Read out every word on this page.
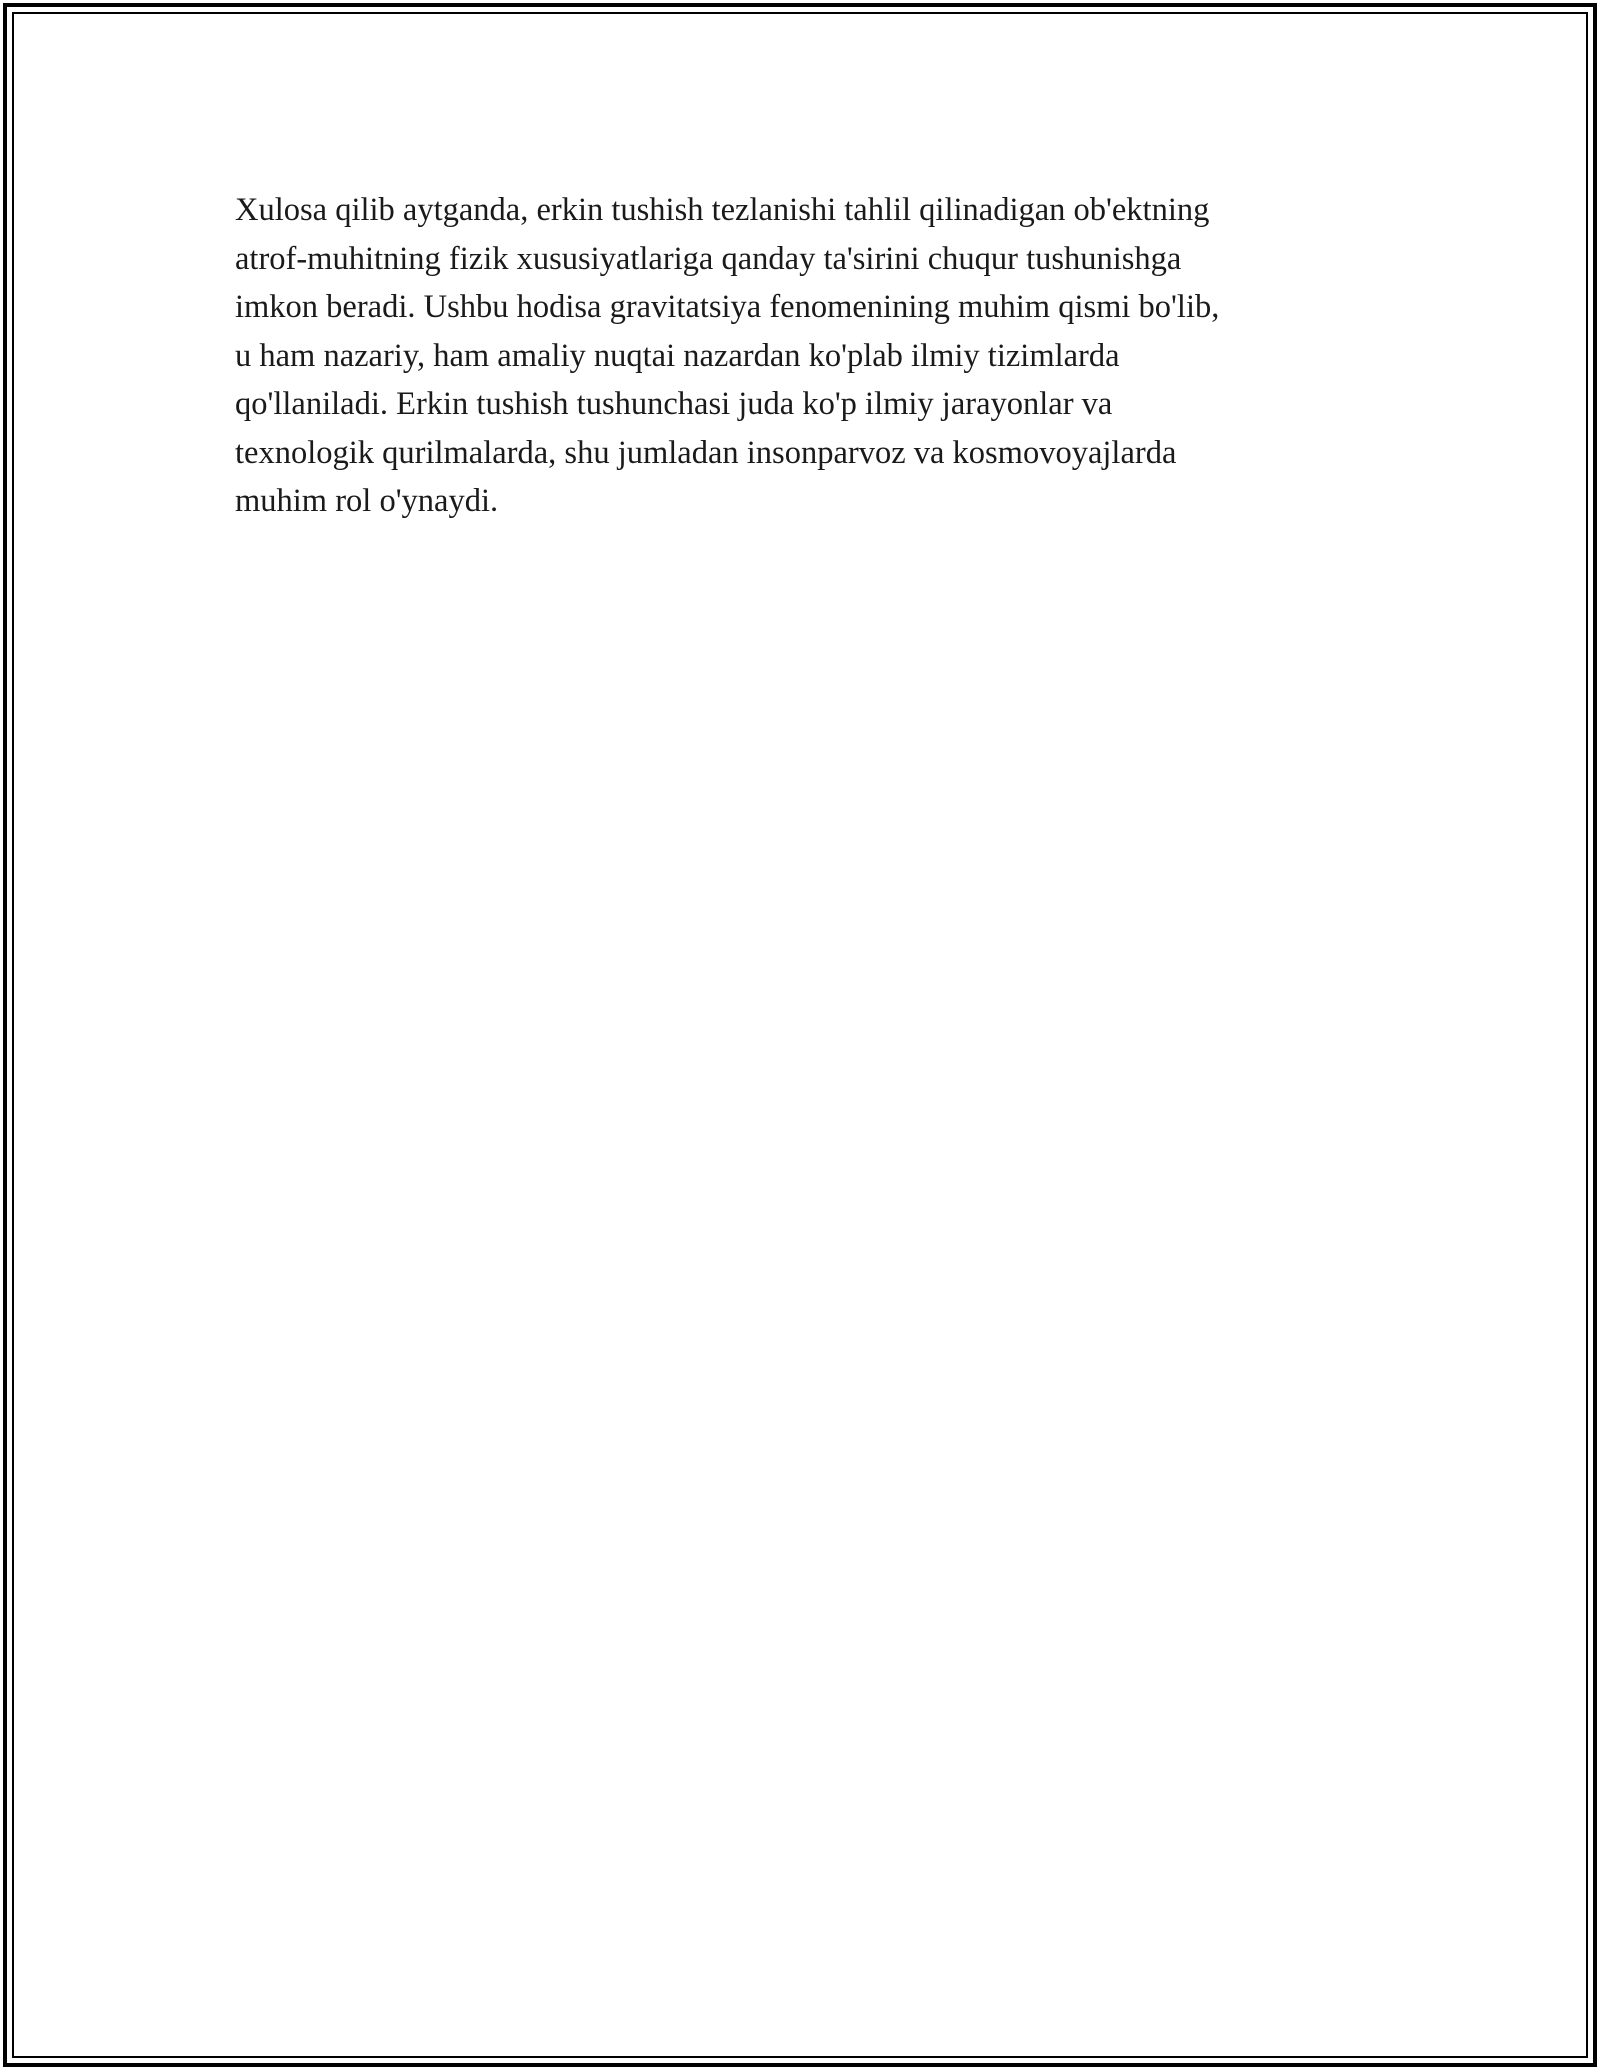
Xulosa qilib aytganda, erkin tushish tezlanishi tahlil qilinadigan ob'ektning
atrof-muhitning fizik xususiyatlariga qanday ta'sirini chuqur tushunishga
imkon beradi. Ushbu hodisa gravitatsiya fenomenining muhim qismi bo'lib,
u ham nazariy, ham amaliy nuqtai nazardan ko'plab ilmiy tizimlarda
qo'llaniladi. Erkin tushish tushunchasi juda ko'p ilmiy jarayonlar va
texnologik qurilmalarda, shu jumladan insonparvoz va kosmovoyajlarda
muhim rol o'ynaydi.
